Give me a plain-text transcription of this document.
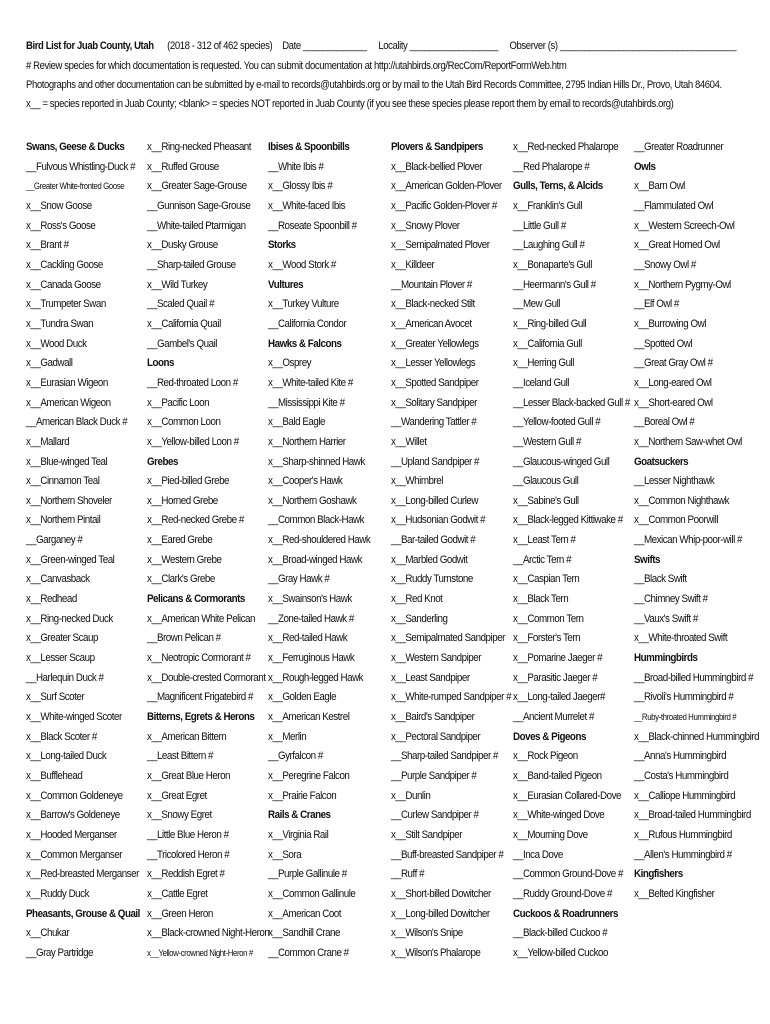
Bird List for Juab County, Utah (2018 - 312 of 462 species) Date _____________ Locality __________________ Observer (s) ____________________________________
# Review species for which documentation is requested. You can submit documentation at http://utahbirds.org/RecCom/ReportFormWeb.htm
Photographs and other documentation can be submitted by e-mail to records@utahbirds.org or by mail to the Utah Bird Records Committee, 2795 Indian Hills Dr., Provo, Utah 84604.
x__ = species reported in Juab County; <blank> = species NOT reported in Juab County (if you see these species please report them by email to records@utahbirds.org)
Swans, Geese & Ducks
__Fulvous Whistling-Duck #
__Greater White-fronted Goose
x__Snow Goose
x__Ross's Goose
x__Brant #
x__Cackling Goose
x__Canada Goose
x__Trumpeter Swan
x__Tundra Swan
x__Wood Duck
x__Gadwall
x__Eurasian Wigeon
x__American Wigeon
__American Black Duck #
x__Mallard
x__Blue-winged Teal
x__Cinnamon Teal
x__Northern Shoveler
x__Northern Pintail
__Garganey #
x__Green-winged Teal
x__Canvasback
x__Redhead
x__Ring-necked Duck
x__Greater Scaup
x__Lesser Scaup
__Harlequin Duck #
x__Surf Scoter
x__White-winged Scoter
x__Black Scoter #
x__Long-tailed Duck
x__Bufflehead
x__Common Goldeneye
x__Barrow's Goldeneye
x__Hooded Merganser
x__Common Merganser
x__Red-breasted Merganser
x__Ruddy Duck
Pheasants, Grouse & Quail
x__Chukar
__Gray Partridge
x__Ring-necked Pheasant
x__Ruffed Grouse
x__Greater Sage-Grouse
__Gunnison Sage-Grouse
__White-tailed Ptarmigan
x__Dusky Grouse
__Sharp-tailed Grouse
x__Wild Turkey
__Scaled Quail #
x__California Quail
__Gambel's Quail
Loons
__Red-throated Loon #
x__Pacific Loon
x__Common Loon
x__Yellow-billed Loon #
Grebes
x__Pied-billed Grebe
x__Horned Grebe
x__Red-necked Grebe #
x__Eared Grebe
x__Western Grebe
x__Clark's Grebe
Pelicans & Cormorants
x__American White Pelican
__Brown Pelican #
x__Neotropic Cormorant #
x__Double-crested Cormorant
__Magnificent Frigatebird #
Bitterns, Egrets & Herons
x__American Bittern
__Least Bittern #
x__Great Blue Heron
x__Great Egret
x__Snowy Egret
__Little Blue Heron #
__Tricolored Heron #
x__Reddish Egret #
x__Cattle Egret
x__Green Heron
x__Black-crowned Night-Heron
x__Yellow-crowned Night-Heron #
Ibises & Spoonbills
__White Ibis #
x__Glossy Ibis #
x__White-faced Ibis
__Roseate Spoonbill #
Storks
x__Wood Stork #
Vultures
x__Turkey Vulture
__California Condor
Hawks & Falcons
x__Osprey
x__White-tailed Kite #
__Mississippi Kite #
x__Bald Eagle
x__Northern Harrier
x__Sharp-shinned Hawk
x__Cooper's Hawk
x__Northern Goshawk
__Common Black-Hawk
x__Red-shouldered Hawk
x__Broad-winged Hawk
__Gray Hawk #
x__Swainson's Hawk
__Zone-tailed Hawk #
x__Red-tailed Hawk
x__Ferruginous Hawk
x__Rough-legged Hawk
x__Golden Eagle
x__American Kestrel
x__Merlin
__Gyrfalcon #
x__Peregrine Falcon
x__Prairie Falcon
Rails & Cranes
x__Virginia Rail
x__Sora
__Purple Gallinule #
x__Common Gallinule
x__American Coot
x__Sandhill Crane
__Common Crane #
Plovers & Sandpipers
x__Black-bellied Plover
x__American Golden-Plover
x__Pacific Golden-Plover #
x__Snowy Plover
x__Semipalmated Plover
x__Killdeer
__Mountain Plover #
x__Black-necked Stilt
x__American Avocet
x__Greater Yellowlegs
x__Lesser Yellowlegs
x__Spotted Sandpiper
x__Solitary Sandpiper
__Wandering Tattler #
x__Willet
__Upland Sandpiper #
x__Whimbrel
x__Long-billed Curlew
x__Hudsonian Godwit #
__Bar-tailed Godwit #
x__Marbled Godwit
x__Ruddy Turnstone
x__Red Knot
x__Sanderling
x__Semipalmated Sandpiper
x__Western Sandpiper
x__Least Sandpiper
x__White-rumped Sandpiper #
x__Baird's Sandpiper
x__Pectoral Sandpiper
__Sharp-tailed Sandpiper #
__Purple Sandpiper #
x__Dunlin
__Curlew Sandpiper #
x__Stilt Sandpiper
__Buff-breasted Sandpiper #
__Ruff #
x__Short-billed Dowitcher
x__Long-billed Dowitcher
x__Wilson's Snipe
x__Wilson's Phalarope
x__Red-necked Phalarope
__Red Phalarope #
Gulls, Terns, & Alcids
x__Franklin's Gull
__Little Gull #
__Laughing Gull #
x__Bonaparte's Gull
__Heermann's Gull #
__Mew Gull
x__Ring-billed Gull
x__California Gull
x__Herring Gull
__Iceland Gull
__Lesser Black-backed Gull #
__Yellow-footed Gull #
__Western Gull #
__Glaucous-winged Gull
__Glaucous Gull
x__Sabine's Gull
x__Black-legged Kittiwake #
x__Least Tern #
__Arctic Tern #
x__Caspian Tern
x__Black Tern
x__Common Tern
x__Forster's Tern
x__Pomarine Jaeger #
x__Parasitic Jaeger #
x__Long-tailed Jaeger#
__Ancient Murrelet #
Doves & Pigeons
x__Rock Pigeon
x__Band-tailed Pigeon
x__Eurasian Collared-Dove
x__White-winged Dove
x__Mourning Dove
__Inca Dove
__Common Ground-Dove #
__Ruddy Ground-Dove #
Cuckoos & Roadrunners
__Black-billed Cuckoo #
x__Yellow-billed Cuckoo
__Greater Roadrunner
Owls
x__Barn Owl
__Flammulated Owl
x__Western Screech-Owl
x__Great Horned Owl
__Snowy Owl #
x__Northern Pygmy-Owl
__Elf Owl #
x__Burrowing Owl
__Spotted Owl
__Great Gray Owl #
x__Long-eared Owl
x__Short-eared Owl
__Boreal Owl #
x__Northern Saw-whet Owl
Goatsuckers
__Lesser Nighthawk
x__Common Nighthawk
x__Common Poorwill
__Mexican Whip-poor-will #
Swifts
__Black Swift
__Chimney Swift #
__Vaux's Swift #
x__White-throated Swift
Hummingbirds
__Broad-billed Hummingbird #
__Rivoli's Hummingbird #
__Ruby-throated Hummingbird #
x__Black-chinned Hummingbird
__Anna's Hummingbird
__Costa's Hummingbird
x__Calliope Hummingbird
x__Broad-tailed Hummingbird
x__Rufous Hummingbird
__Allen's Hummingbird #
Kingfishers
x__Belted Kingfisher
